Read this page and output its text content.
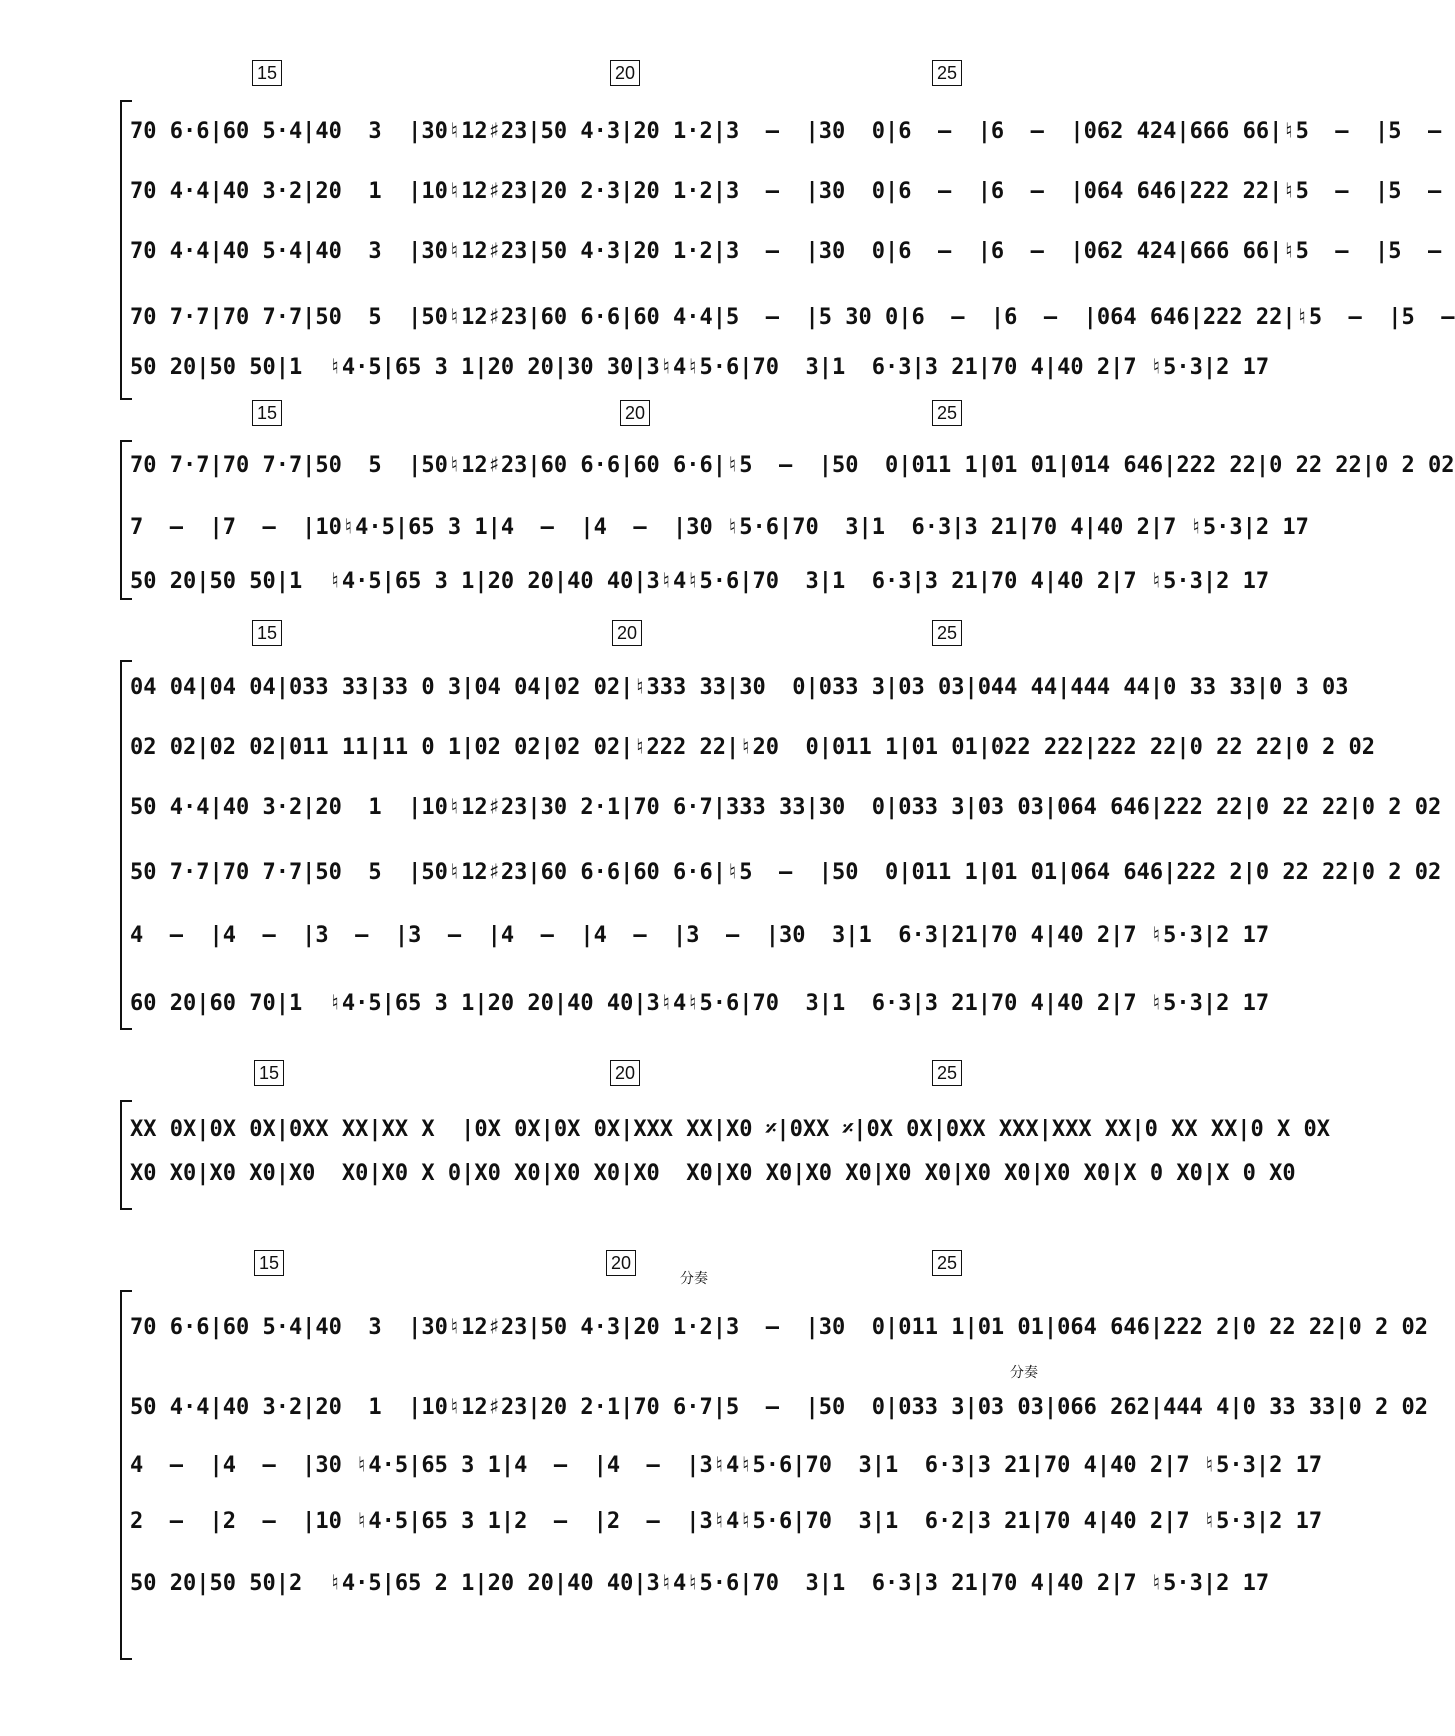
15	20	25
70 6·6|60 5·4|40  3  |30♮12♯23|50 4·3|20 1·2|3  –  |30  0|6  –  |6  –  |062 424|666 66|♮5  –  |5  –
70 4·4|40 3·2|20  1  |10♮12♯23|20 2·3|20 1·2|3  –  |30  0|6  –  |6  –  |064 646|222 22|♮5  –  |5  –
70 4·4|40 5·4|40  3  |30♮12♯23|50 4·3|20 1·2|3  –  |30  0|6  –  |6  –  |062 424|666 66|♮5  –  |5  –
70 7·7|70 7·7|50  5  |50♮12♯23|60 6·6|60 4·4|5  –  |5 30 0|6  –  |6  –  |064 646|222 22|♮5  –  |5  –
50 20|50 50|1  ♮4·5|65 3 1|20 20|30 30|3♮4♮5·6|70  3|1  6·3|3 21|70 4|40 2|7 ♮5·3|2 17
15	20	25
70 7·7|70 7·7|50  5  |50♮12♯23|60 6·6|60 6·6|♮5  –  |50  0|011 1|01 01|014 646|222 22|0 22 22|0 2 02
7  –  |7  –  |10♮4·5|65 3 1|4  –  |4  –  |30 ♮5·6|70  3|1  6·3|3 21|70 4|40 2|7 ♮5·3|2 17
50 20|50 50|1  ♮4·5|65 3 1|20 20|40 40|3♮4♮5·6|70  3|1  6·3|3 21|70 4|40 2|7 ♮5·3|2 17
15	20	25
04 04|04 04|033 33|33 0 3|04 04|02 02|♮333 33|30  0|033 3|03 03|044 44|444 44|0 33 33|0 3 03
02 02|02 02|011 11|11 0 1|02 02|02 02|♮222 22|♮20  0|011 1|01 01|022 222|222 22|0 22 22|0 2 02
50 4·4|40 3·2|20  1  |10♮12♯23|30 2·1|70 6·7|333 33|30  0|033 3|03 03|064 646|222 22|0 22 22|0 2 02
50 7·7|70 7·7|50  5  |50♮12♯23|60 6·6|60 6·6|♮5  –  |50  0|011 1|01 01|064 646|222 2|0 22 22|0 2 02
4  –  |4  –  |3  –  |3  –  |4  –  |4  –  |3  –  |30  3|1  6·3|21|70 4|40 2|7 ♮5·3|2 17
60 20|60 70|1  ♮4·5|65 3 1|20 20|40 40|3♮4♮5·6|70  3|1  6·3|3 21|70 4|40 2|7 ♮5·3|2 17
15	20	25
XX 0X|0X 0X|0XX XX|XX X  |0X 0X|0X 0X|XXX XX|X0 𝄎|0XX 𝄎|0X 0X|0XX XXX|XXX XX|0 XX XX|0 X 0X
X0 X0|X0 X0|X0  X0|X0 X 0|X0 X0|X0 X0|X0  X0|X0 X0|X0 X0|X0 X0|X0 X0|X0 X0|X 0 X0|X 0 X0
15	20	25
分奏
分奏
70 6·6|60 5·4|40  3  |30♮12♯23|50 4·3|20 1·2|3  –  |30  0|011 1|01 01|064 646|222 2|0 22 22|0 2 02
50 4·4|40 3·2|20  1  |10♮12♯23|20 2·1|70 6·7|5  –  |50  0|033 3|03 03|066 262|444 4|0 33 33|0 2 02
4  –  |4  –  |30 ♮4·5|65 3 1|4  –  |4  –  |3♮4♮5·6|70  3|1  6·3|3 21|70 4|40 2|7 ♮5·3|2 17
2  –  |2  –  |10 ♮4·5|65 3 1|2  –  |2  –  |3♮4♮5·6|70  3|1  6·2|3 21|70 4|40 2|7 ♮5·3|2 17
50 20|50 50|2  ♮4·5|65 2 1|20 20|40 40|3♮4♮5·6|70  3|1  6·3|3 21|70 4|40 2|7 ♮5·3|2 17
